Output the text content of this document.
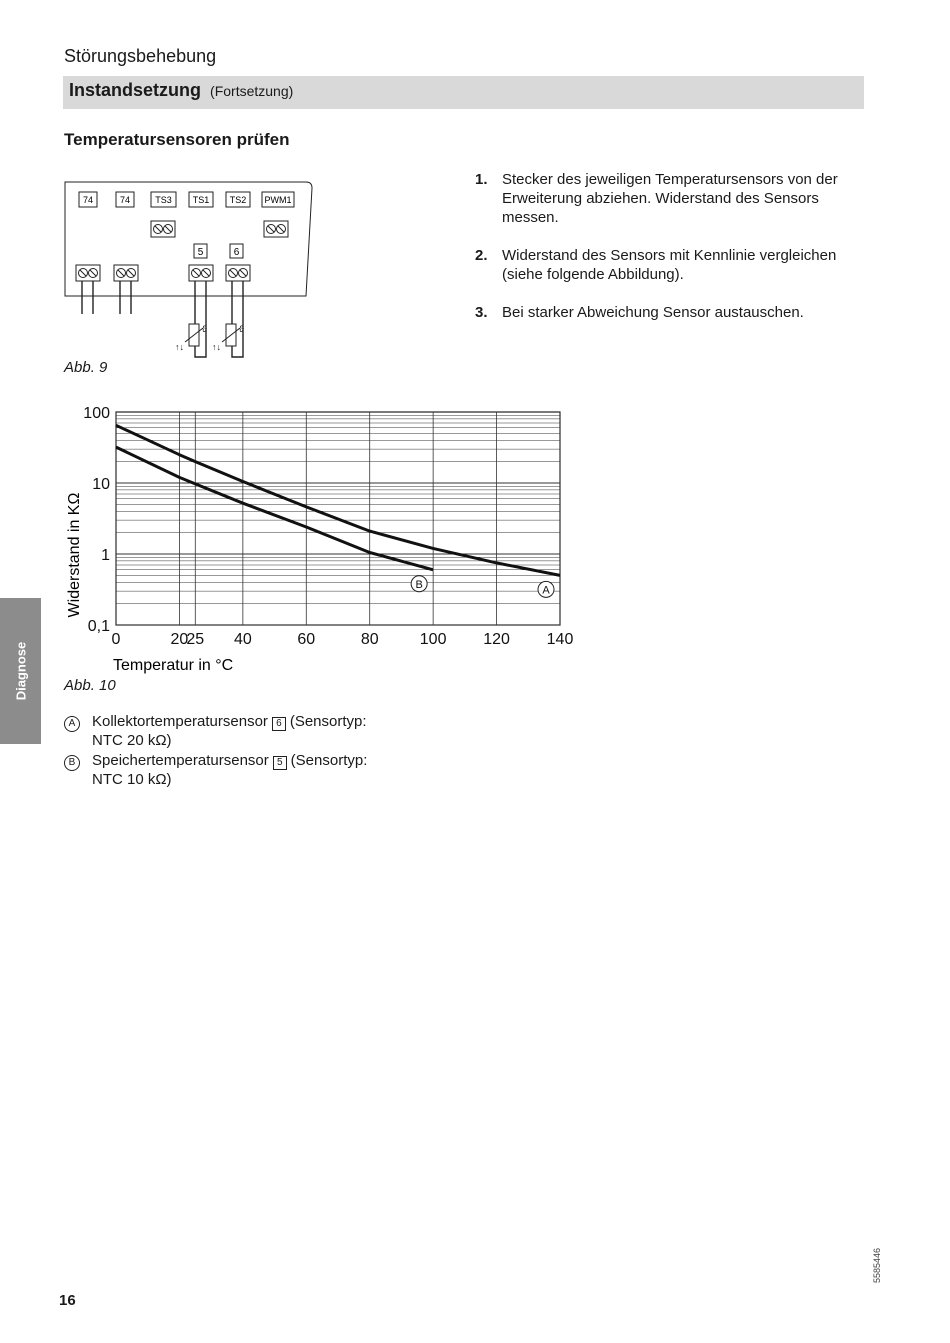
Störungsbehebung
Instandsetzung (Fortsetzung)
Temperatursensoren prüfen
74	74	TS3 TS1 TS2 PWM1
5	6
ϑ	ϑ
↑↓	↑↓
Abb. 9
1. Stecker des jeweiligen Temperatursensors von der Erweiterung abziehen. Widerstand des Sensors messen.
2. Widerstand des Sensors mit Kennlinie vergleichen (siehe folgende Abbildung).
3. Bei starker Abweichung Sensor austauschen.
A
B
0	20
25 40	60	80	100 120 140
100
10
1
0,1
Temperatur in °C
Widerstand in KΩ
Abb. 10
A	Kollektortemperatursensor 6 (Sensortyp:
NTC 20 kΩ)
B	Speichertemperatursensor 5 (Sensortyp:
NTC 10 kΩ)
Diagnose
16
5585446
